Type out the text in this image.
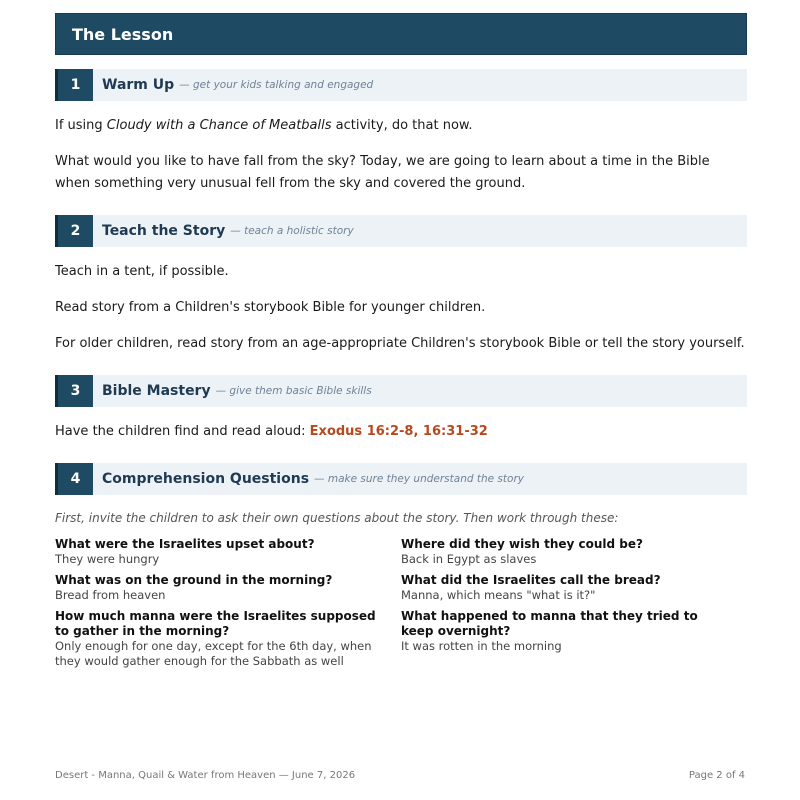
The Lesson
1	Warm Up — get your kids talking and engaged

If using Cloudy with a Chance of Meatballs activity, do that now.

What would you like to have fall from the sky? Today, we are going to learn about a time in the Bible when something very unusual fell from the sky and covered the ground.

2	Teach the Story — teach a holistic story

Teach in a tent, if possible.

Read story from a Children's storybook Bible for younger children.

For older children, read story from an age-appropriate Children's storybook Bible or tell the story yourself.

3	Bible Mastery — give them basic Bible skills

Have the children find and read aloud: Exodus 16:2-8, 16:31-32

4	Comprehension Questions — make sure they understand the story

First, invite the children to ask their own questions about the story. Then work through these:

What were the Israelites upset about?
They were hungry
Where did they wish they could be?
Back in Egypt as slaves
What was on the ground in the morning?
Bread from heaven
What did the Israelites call the bread?
Manna, which means "what is it?"
How much manna were the Israelites supposed to gather in the morning?
Only enough for one day, except for the 6th day, when they would gather enough for the Sabbath as well
What happened to manna that they tried to keep overnight?
It was rotten in the morning
Desert - Manna, Quail & Water from Heaven — June 7, 2026	Page 2 of 4
